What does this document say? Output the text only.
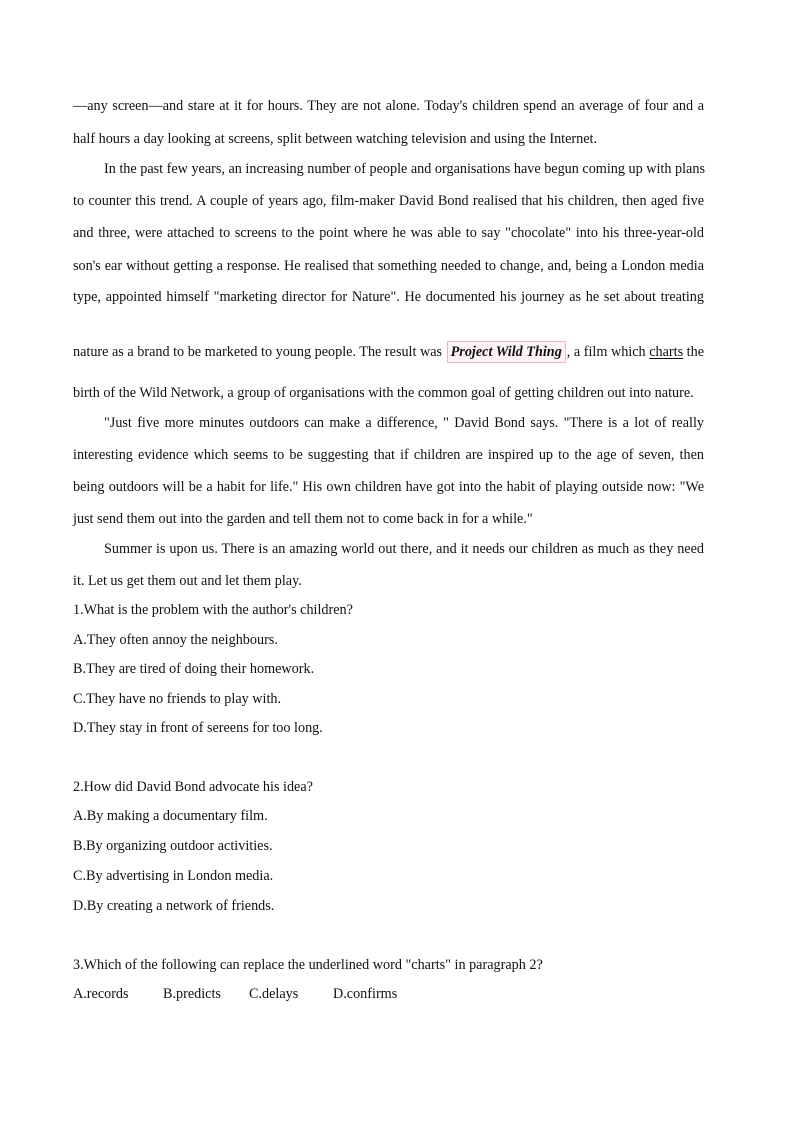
—any screen—and stare at it for hours. They are not alone. Today's children spend an average of four and a
half hours a day looking at screens, split between watching television and using the Internet.
In the past few years, an increasing number of people and organisations have begun coming up with plans
to counter this trend. A couple of years ago, film-maker David Bond realised that his children, then aged five
and three, were attached to screens to the point where he was able to say "chocolate" into his three-year-old
son's ear without getting a response. He realised that something needed to change, and, being a London media
type, appointed himself "marketing director for Nature". He documented his journey as he set about treating
nature as a brand to be marketed to young people. The result was Project Wild Thing , a film which charts the
birth of the Wild Network, a group of organisations with the common goal of getting children out into nature.
"Just five more minutes outdoors can make a difference, " David Bond says. "There is a lot of really
interesting evidence which seems to be suggesting that if children are inspired up to the age of seven, then
being outdoors will be a habit for life." His own children have got into the habit of playing outside now: "We
just send them out into the garden and tell them not to come back in for a while."
Summer is upon us. There is an amazing world out there, and it needs our children as much as they need
it. Let us get them out and let them play.
1.What is the problem with the author's children?
A.They often annoy the neighbours.
B.They are tired of doing their homework.
C.They have no friends to play with.
D.They stay in front of sereens for too long.
2.How did David Bond advocate his idea?
A.By making a documentary film.
B.By organizing outdoor activities.
C.By advertising in London media.
D.By creating a network of friends.
3.Which of the following can replace the underlined word "charts" in paragraph 2?
A.records B.predicts C.delays D.confirms
